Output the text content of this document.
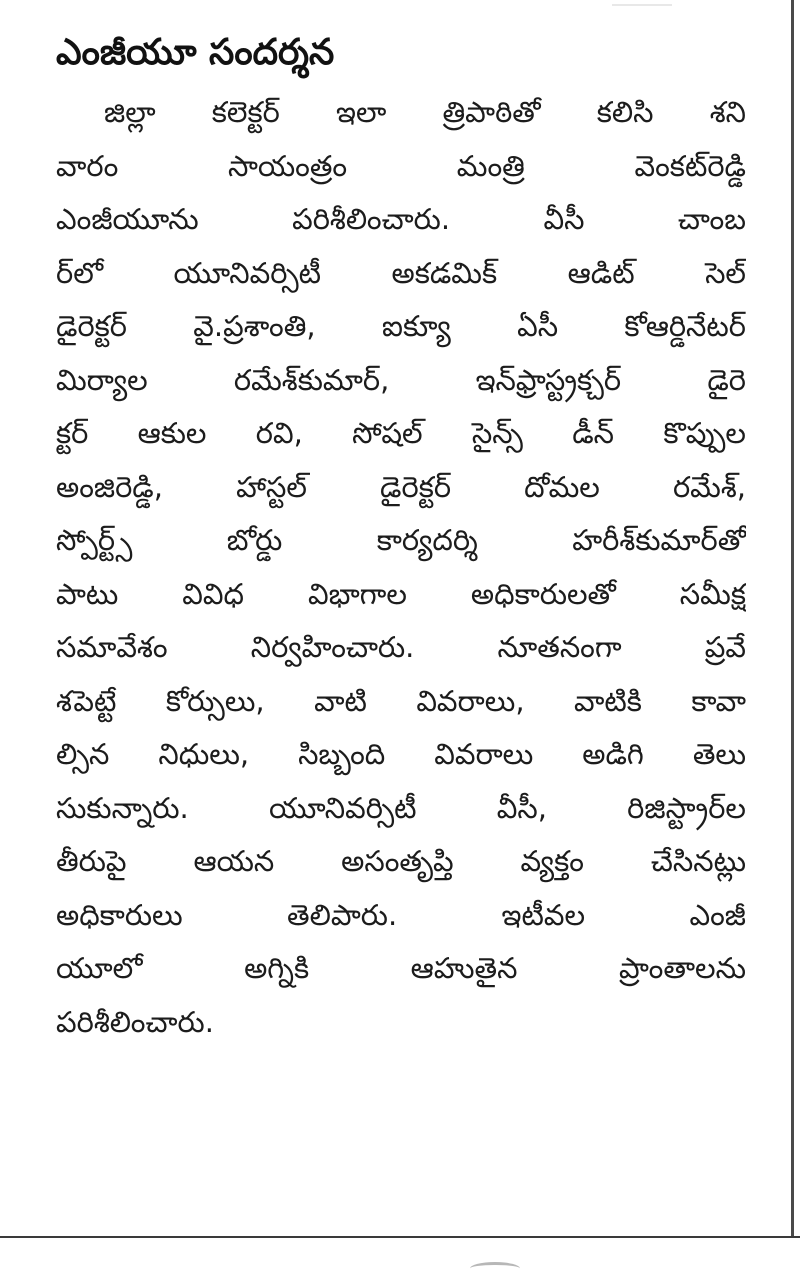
ఎంజీయూ సందర్శన
జిల్లా కలెక్టర్ ఇలా త్రిపాఠితో కలిసి శని
వారం సాయంత్రం మంత్రి వెంకట్‌రెడ్డి
ఎంజీయూను పరిశీలించారు. వీసీ చాంబ
ర్‌లో యూనివర్సిటీ అకడమిక్ ఆడిట్ సెల్
డైరెక్టర్ వై.ప్రశాంతి, ఐక్యూ ఏసీ కోఆర్డినేటర్
మిర్యాల రమేశ్‌కుమార్, ఇన్‌ఫ్రాస్ట్రక్చర్ డైరె
క్టర్ ఆకుల రవి, సోషల్ సైన్స్ డీన్ కొప్పుల
అంజిరెడ్డి, హాస్టల్ డైరెక్టర్ దోమల రమేశ్,
స్పోర్ట్స్ బోర్డు కార్యదర్శి హరీశ్‌కుమార్‌తో
పాటు వివిధ విభాగాల అధికారులతో సమీక్ష
సమావేశం నిర్వహించారు. నూతనంగా ప్రవే
శపెట్టే కోర్సులు, వాటి వివరాలు, వాటికి కావా
ల్సిన నిధులు, సిబ్బంది వివరాలు అడిగి తెలు
సుకున్నారు. యూనివర్సిటీ వీసీ, రిజిస్ట్రార్‌ల
తీరుపై ఆయన అసంతృప్తి వ్యక్తం చేసినట్లు
అధికారులు తెలిపారు. ఇటీవల ఎంజీ
యూలో అగ్నికి ఆహుతైన ప్రాంతాలను
పరిశీలించారు.
